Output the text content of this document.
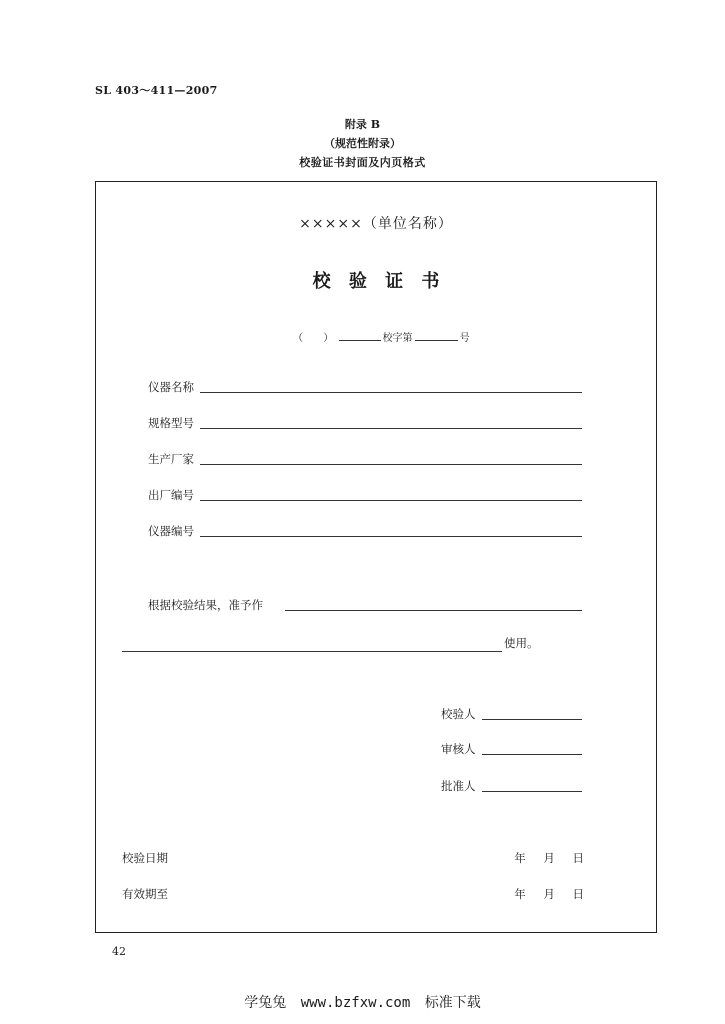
SL 403～411—2007
附录 B
（规范性附录）
校验证书封面及内页格式
×××××（单位名称）
校 验 证 书
（ ）	校字第	号
仪器名称
规格型号
生产厂家
出厂编号
仪器编号
根据校验结果，准予作
使用。
校验人
审核人
批准人
校验日期	年 月 日
有效期至	年 月 日
42
学兔兔 www.bzfxw.com 标准下载
